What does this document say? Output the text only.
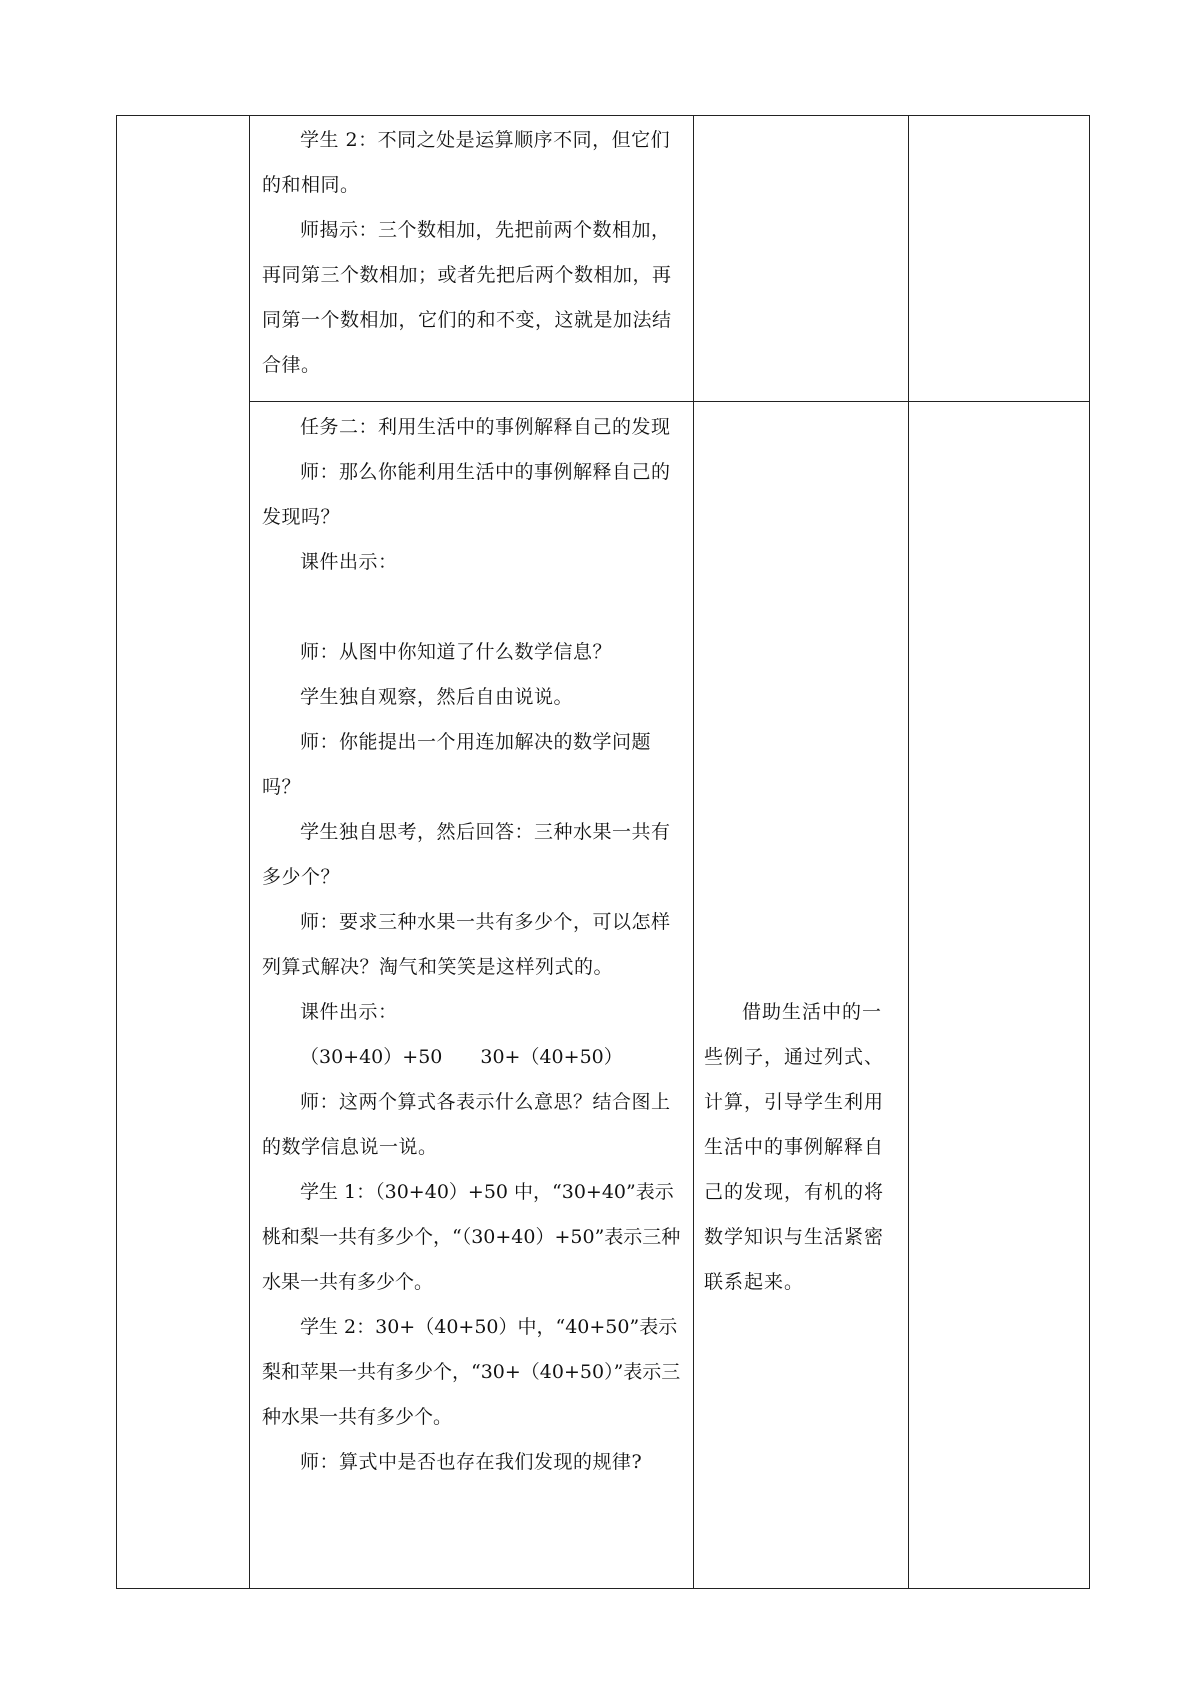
学生 2：不同之处是运算顺序不同，但它们的和相同。

师揭示：三个数相加，先把前两个数相加，再同第三个数相加；或者先把后两个数相加，再同第一个数相加，它们的和不变，这就是加法结合律。

任务二：利用生活中的事例解释自己的发现

师：那么你能利用生活中的事例解释自己的发现吗？

课件出示：

师：从图中你知道了什么数学信息？

学生独自观察，然后自由说说。

师：你能提出一个用连加解决的数学问题吗？

学生独自思考，然后回答：三种水果一共有多少个？

师：要求三种水果一共有多少个，可以怎样列算式解决？淘气和笑笑是这样列式的。

课件出示：

（30+40）+50　　30+（40+50）

师：这两个算式各表示什么意思？结合图上的数学信息说一说。

学生 1：（30+40）+50 中，“30+40”表示桃和梨一共有多少个，“（30+40）+50”表示三种水果一共有多少个。

学生 2：30+（40+50）中，“40+50”表示梨和苹果一共有多少个，“30+（40+50）”表示三种水果一共有多少个。

师：算式中是否也存在我们发现的规律?

借助生活中的一些例子，通过列式、计算，引导学生利用生活中的事例解释自己的发现，有机的将数学知识与生活紧密联系起来。
